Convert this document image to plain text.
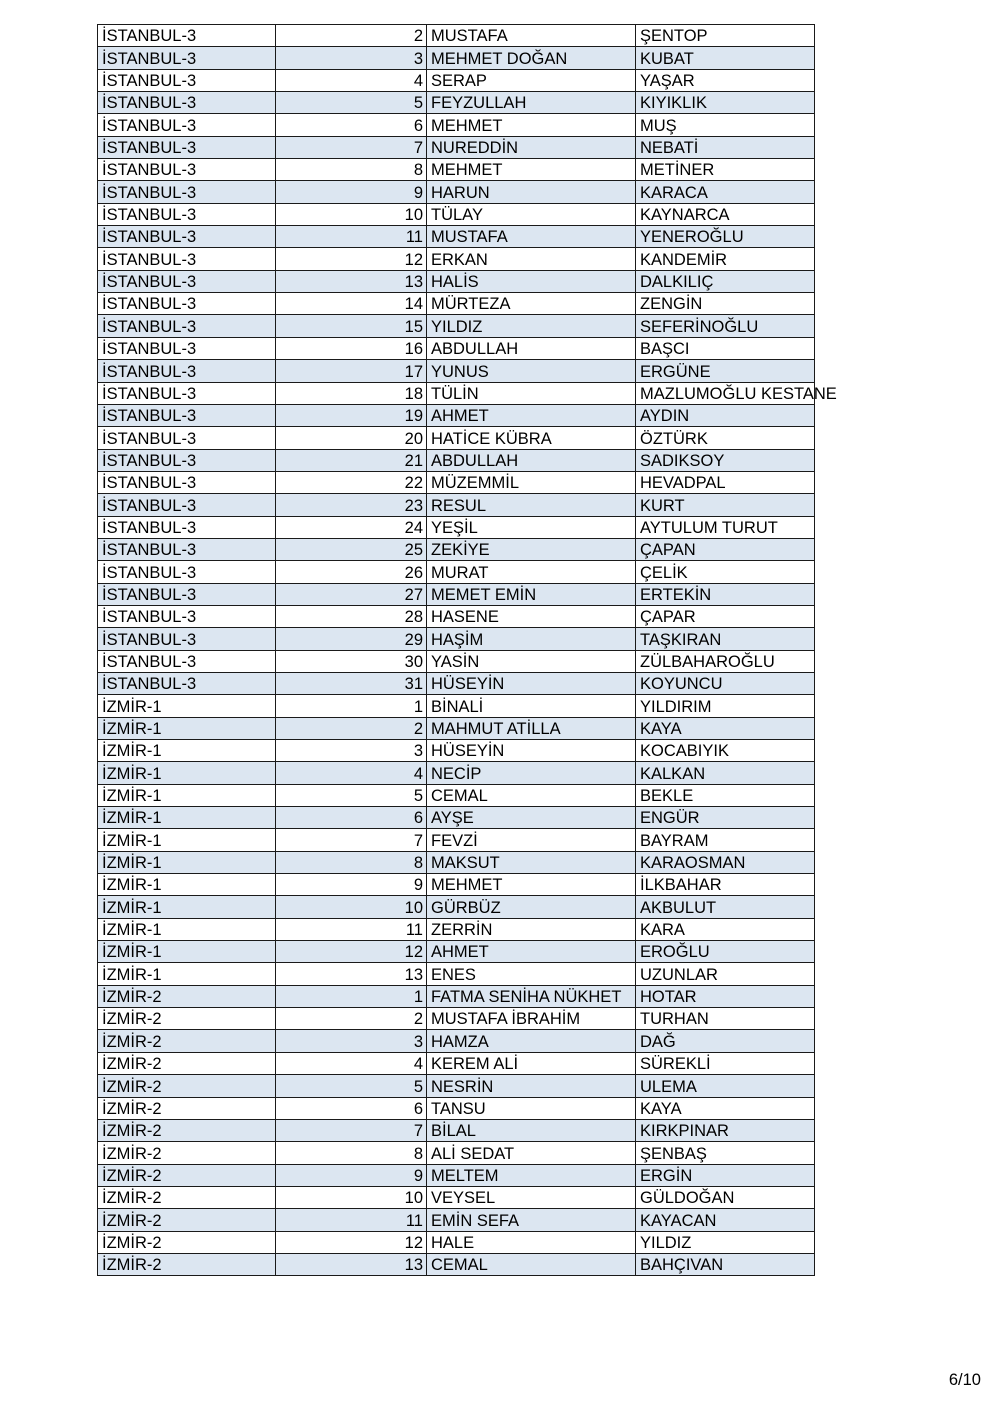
İSTANBUL-3	2	MUSTAFA	ŞENTOP
İSTANBUL-3	3	MEHMET DOĞAN	KUBAT
İSTANBUL-3	4	SERAP	YAŞAR
İSTANBUL-3	5	FEYZULLAH	KIYIKLIK
İSTANBUL-3	6	MEHMET	MUŞ
İSTANBUL-3	7	NUREDDİN	NEBATİ
İSTANBUL-3	8	MEHMET	METİNER
İSTANBUL-3	9	HARUN	KARACA
İSTANBUL-3	10	TÜLAY	KAYNARCA
İSTANBUL-3	11	MUSTAFA	YENEROĞLU
İSTANBUL-3	12	ERKAN	KANDEMİR
İSTANBUL-3	13	HALİS	DALKILIÇ
İSTANBUL-3	14	MÜRTEZA	ZENGİN
İSTANBUL-3	15	YILDIZ	SEFERİNOĞLU
İSTANBUL-3	16	ABDULLAH	BAŞCI
İSTANBUL-3	17	YUNUS	ERGÜNE
İSTANBUL-3	18	TÜLİN	MAZLUMOĞLU KESTANE
İSTANBUL-3	19	AHMET	AYDIN
İSTANBUL-3	20	HATİCE KÜBRA	ÖZTÜRK
İSTANBUL-3	21	ABDULLAH	SADIKSOY
İSTANBUL-3	22	MÜZEMMİL	HEVADPAL
İSTANBUL-3	23	RESUL	KURT
İSTANBUL-3	24	YEŞİL	AYTULUM TURUT
İSTANBUL-3	25	ZEKİYE	ÇAPAN
İSTANBUL-3	26	MURAT	ÇELİK
İSTANBUL-3	27	MEMET EMİN	ERTEKİN
İSTANBUL-3	28	HASENE	ÇAPAR
İSTANBUL-3	29	HAŞİM	TAŞKIRAN
İSTANBUL-3	30	YASİN	ZÜLBAHAROĞLU
İSTANBUL-3	31	HÜSEYİN	KOYUNCU
İZMİR-1	1	BİNALİ	YILDIRIM
İZMİR-1	2	MAHMUT ATİLLA	KAYA
İZMİR-1	3	HÜSEYİN	KOCABIYIK
İZMİR-1	4	NECİP	KALKAN
İZMİR-1	5	CEMAL	BEKLE
İZMİR-1	6	AYŞE	ENGÜR
İZMİR-1	7	FEVZİ	BAYRAM
İZMİR-1	8	MAKSUT	KARAOSMAN
İZMİR-1	9	MEHMET	İLKBAHAR
İZMİR-1	10	GÜRBÜZ	AKBULUT
İZMİR-1	11	ZERRİN	KARA
İZMİR-1	12	AHMET	EROĞLU
İZMİR-1	13	ENES	UZUNLAR
İZMİR-2	1	FATMA SENİHA NÜKHET	HOTAR
İZMİR-2	2	MUSTAFA İBRAHİM	TURHAN
İZMİR-2	3	HAMZA	DAĞ
İZMİR-2	4	KEREM ALİ	SÜREKLİ
İZMİR-2	5	NESRİN	ULEMA
İZMİR-2	6	TANSU	KAYA
İZMİR-2	7	BİLAL	KIRKPINAR
İZMİR-2	8	ALİ SEDAT	ŞENBAŞ
İZMİR-2	9	MELTEM	ERGİN
İZMİR-2	10	VEYSEL	GÜLDOĞAN
İZMİR-2	11	EMİN SEFA	KAYACAN
İZMİR-2	12	HALE	YILDIZ
İZMİR-2	13	CEMAL	BAHÇIVAN
6/10
